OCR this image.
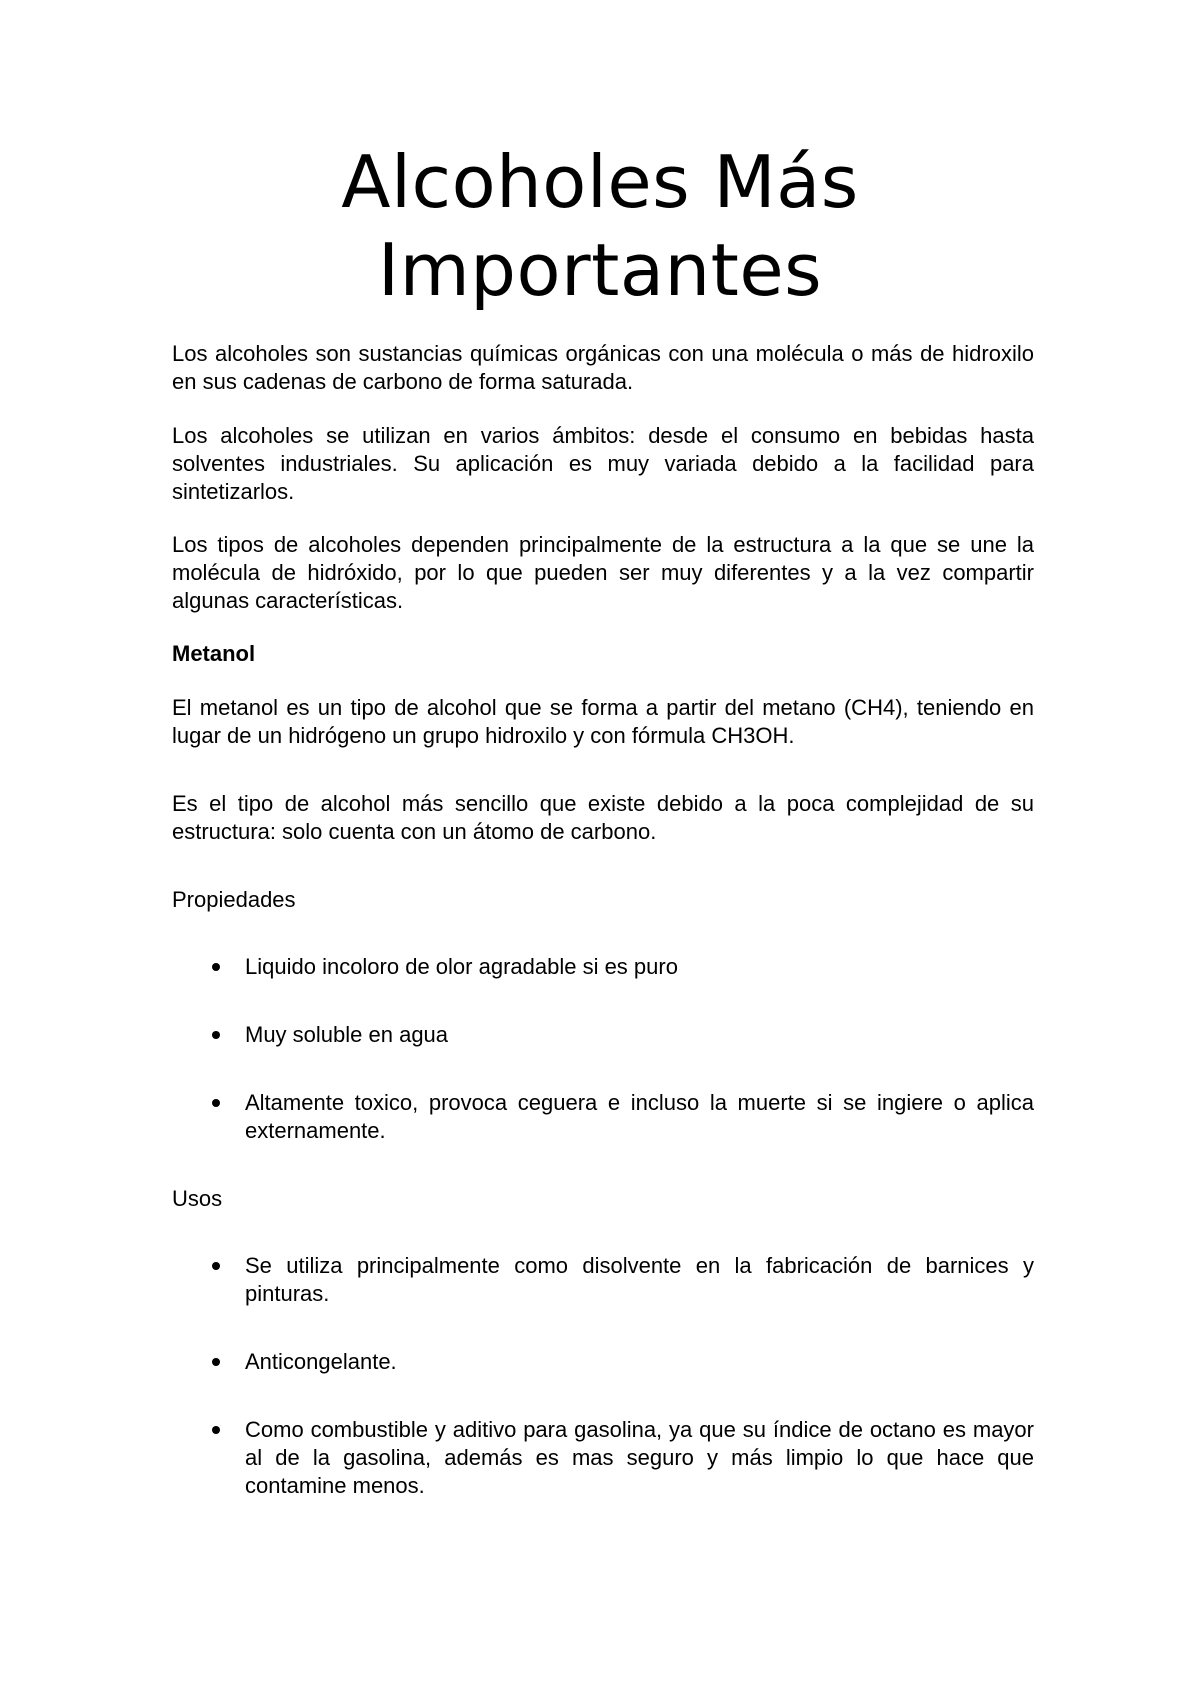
Alcoholes Más
Importantes

Los alcoholes son sustancias químicas orgánicas con una molécula o más de hidroxilo en sus cadenas de carbono de forma saturada.

Los alcoholes se utilizan en varios ámbitos: desde el consumo en bebidas hasta solventes industriales. Su aplicación es muy variada debido a la facilidad para sintetizarlos.

Los tipos de alcoholes dependen principalmente de la estructura a la que se une la molécula de hidróxido, por lo que pueden ser muy diferentes y a la vez compartir algunas características.

Metanol

El metanol es un tipo de alcohol que se forma a partir del metano (CH4), teniendo en lugar de un hidrógeno un grupo hidroxilo y con fórmula CH3OH.

Es el tipo de alcohol más sencillo que existe debido a la poca complejidad de su estructura: solo cuenta con un átomo de carbono.

Propiedades

Liquido incoloro de olor agradable si es puro

Muy soluble en agua

Altamente toxico, provoca ceguera e incluso la muerte si se ingiere o aplica externamente.

Usos

Se utiliza principalmente como disolvente en la fabricación de barnices y pinturas.

Anticongelante.

Como combustible y aditivo para gasolina, ya que su índice de octano es mayor al de la gasolina, además es mas seguro y más limpio lo que hace que contamine menos.
